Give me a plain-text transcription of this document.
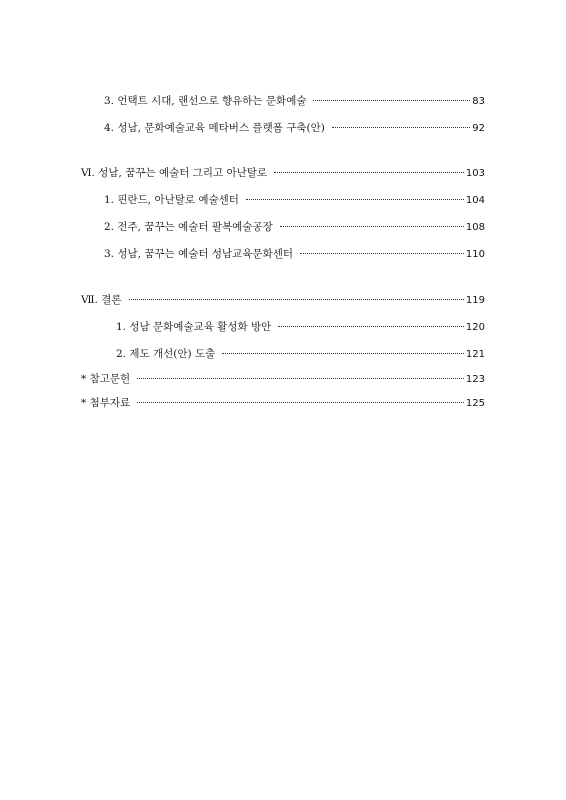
3. 언택트 시대, 랜선으로 향유하는 문화예술	83
4. 성남, 문화예술교육 메타버스 플랫폼 구축(안)	92
Ⅵ. 성남, 꿈꾸는 예술터 그리고 아난탈로	103
1. 핀란드, 아난탈로 예술센터	104
2. 전주, 꿈꾸는 예술터 팔복예술공장	108
3. 성남, 꿈꾸는 예술터 성남교육문화센터	110
Ⅶ. 결론	119
1. 성남 문화예술교육 활성화 방안	120
2. 제도 개선(안) 도출	121
* 참고문헌	123
* 첨부자료	125
